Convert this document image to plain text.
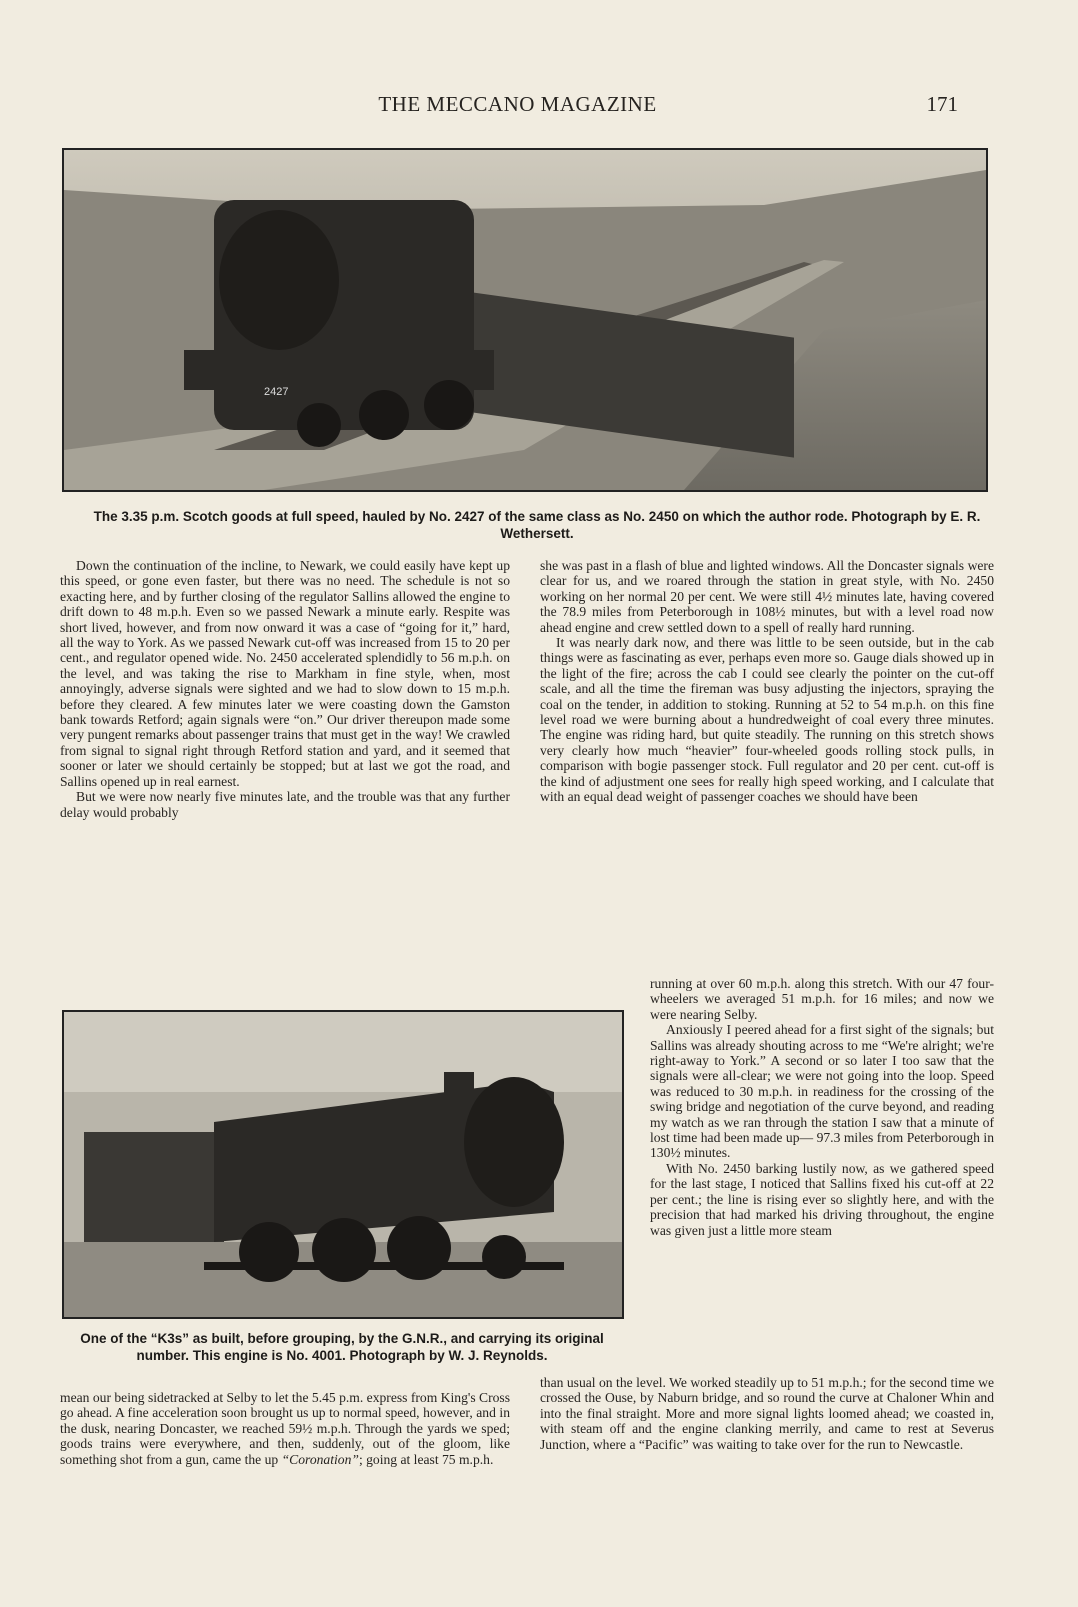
THE MECCANO MAGAZINE	171
2427
The 3.35 p.m. Scotch goods at full speed, hauled by No. 2427 of the same class as No. 2450 on which the author rode. Photograph by E. R. Wethersett.

Down the continuation of the incline, to Newark, we could easily have kept up this speed, or gone even faster, but there was no need. The schedule is not so exacting here, and by further closing of the regulator Sallins allowed the engine to drift down to 48 m.p.h. Even so we passed Newark a minute early. Respite was short lived, however, and from now onward it was a case of “going for it,” hard, all the way to York. As we passed Newark cut-off was increased from 15 to 20 per cent., and regulator opened wide. No. 2450 accelerated splendidly to 56 m.p.h. on the level, and was taking the rise to Markham in fine style, when, most annoyingly, adverse signals were sighted and we had to slow down to 15 m.p.h. before they cleared. A few minutes later we were coasting down the Gamston bank towards Retford; again signals were “on.” Our driver thereupon made some very pungent remarks about passenger trains that must get in the way! We crawled from signal to signal right through Retford station and yard, and it seemed that sooner or later we should certainly be stopped; but at last we got the road, and Sallins opened up in real earnest.

But we were now nearly five minutes late, and the trouble was that any further delay would probably

she was past in a flash of blue and lighted windows. All the Doncaster signals were clear for us, and we roared through the station in great style, with No. 2450 working on her normal 20 per cent. We were still 4½ minutes late, having covered the 78.9 miles from Peterborough in 108½ minutes, but with a level road now ahead engine and crew settled down to a spell of really hard running.

It was nearly dark now, and there was little to be seen outside, but in the cab things were as fascinating as ever, perhaps even more so. Gauge dials showed up in the light of the fire; across the cab I could see clearly the pointer on the cut-off scale, and all the time the fireman was busy adjusting the injectors, spraying the coal on the tender, in addition to stoking. Running at 52 to 54 m.p.h. on this fine level road we were burning about a hundredweight of coal every three minutes. The engine was riding hard, but quite steadily. The running on this stretch shows very clearly how much “heavier” four-wheeled goods rolling stock pulls, in comparison with bogie passenger stock. Full regulator and 20 per cent. cut-off is the kind of adjustment one sees for really high speed working, and I calculate that with an equal dead weight of passenger coaches we should have been

One of the “K3s” as built, before grouping, by the G.N.R., and carrying its original number. This engine is No. 4001. Photograph by W. J. Reynolds.

running at over 60 m.p.h. along this stretch. With our 47 four-wheelers we averaged 51 m.p.h. for 16 miles; and now we were nearing Selby.

Anxiously I peered ahead for a first sight of the signals; but Sallins was already shouting across to me “We're alright; we're right-away to York.” A second or so later I too saw that the signals were all-clear; we were not going into the loop. Speed was reduced to 30 m.p.h. in readiness for the crossing of the swing bridge and negotiation of the curve beyond, and reading my watch as we ran through the station I saw that a minute of lost time had been made up— 97.3 miles from Peterborough in 130½ minutes.

With No. 2450 barking lustily now, as we gathered speed for the last stage, I noticed that Sallins fixed his cut-off at 22 per cent.; the line is rising ever so slightly here, and with the precision that had marked his driving throughout, the engine was given just a little more steam

mean our being sidetracked at Selby to let the 5.45 p.m. express from King's Cross go ahead. A fine acceleration soon brought us up to normal speed, however, and in the dusk, nearing Doncaster, we reached 59½ m.p.h. Through the yards we sped; goods trains were everywhere, and then, suddenly, out of the gloom, like something shot from a gun, came the up “Coronation”; going at least 75 m.p.h.

than usual on the level. We worked steadily up to 51 m.p.h.; for the second time we crossed the Ouse, by Naburn bridge, and so round the curve at Chaloner Whin and into the final straight. More and more signal lights loomed ahead; we coasted in, with steam off and the engine clanking merrily, and came to rest at Severus Junction, where a “Pacific” was waiting to take over for the run to Newcastle.
